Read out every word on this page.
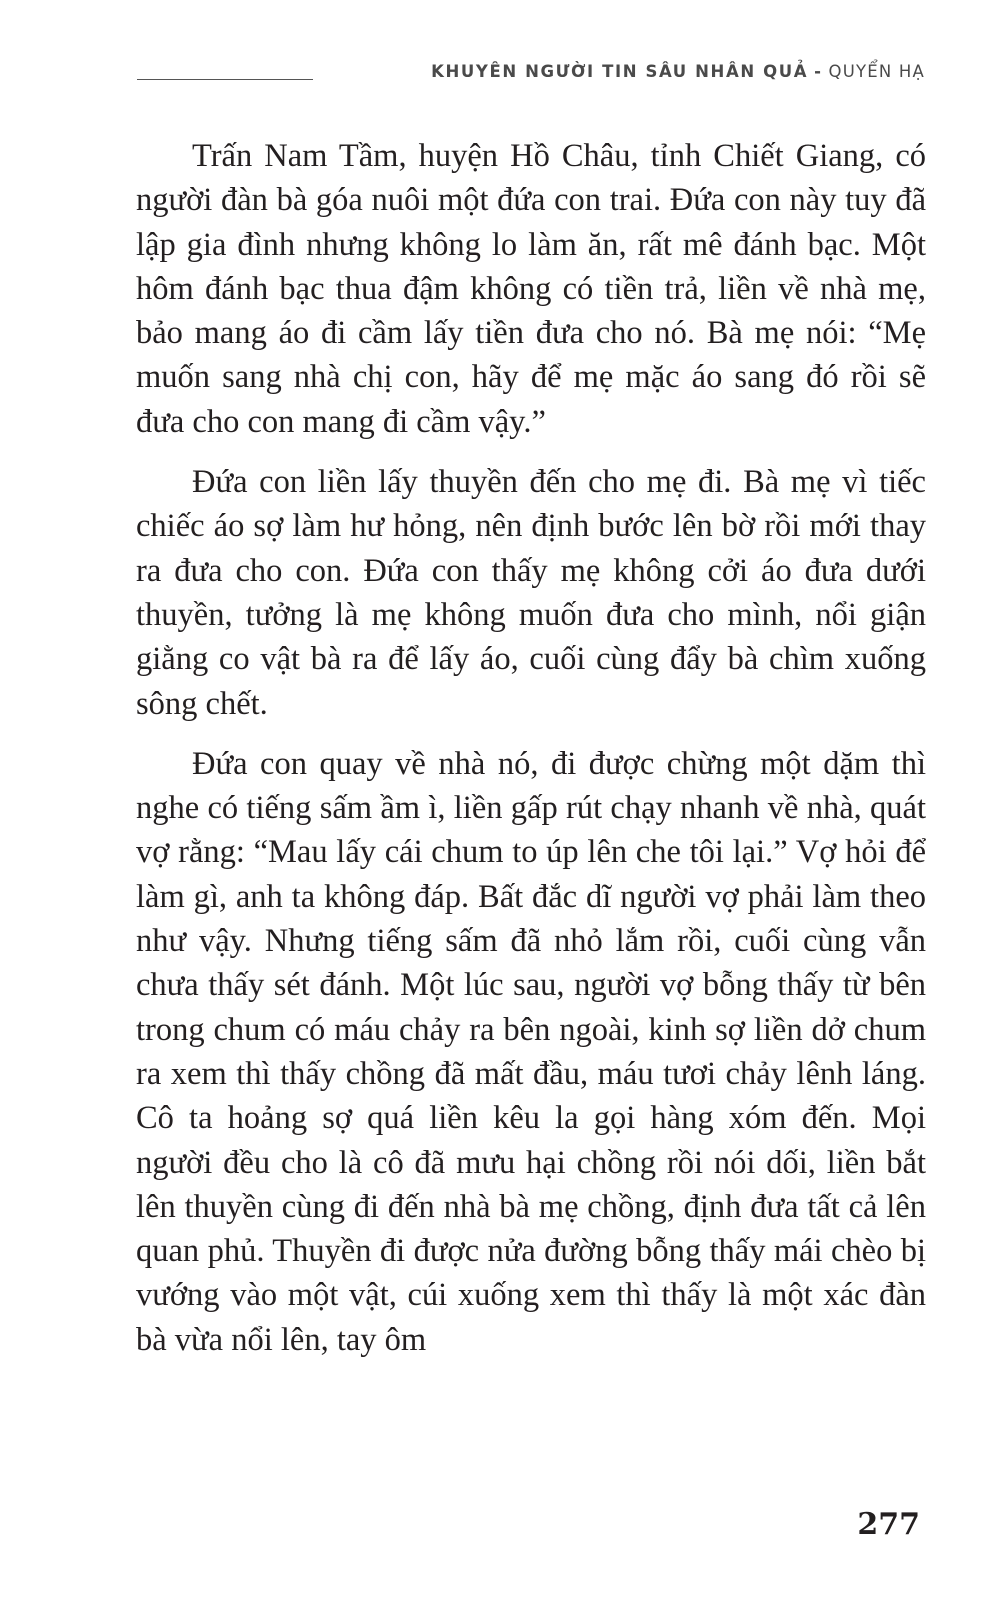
KHUYÊN NGƯỜI TIN SÂU NHÂN QUẢ - QUYỂN HẠ

Trấn Nam Tầm, huyện Hồ Châu, tỉnh Chiết Giang, có người đàn bà góa nuôi một đứa con trai. Đứa con này tuy đã lập gia đình nhưng không lo làm ăn, rất mê đánh bạc. Một hôm đánh bạc thua đậm không có tiền trả, liền về nhà mẹ, bảo mang áo đi cầm lấy tiền đưa cho nó. Bà mẹ nói: “Mẹ muốn sang nhà chị con, hãy để mẹ mặc áo sang đó rồi sẽ đưa cho con mang đi cầm vậy.”

Đứa con liền lấy thuyền đến cho mẹ đi. Bà mẹ vì tiếc chiếc áo sợ làm hư hỏng, nên định bước lên bờ rồi mới thay ra đưa cho con. Đứa con thấy mẹ không cởi áo đưa dưới thuyền, tưởng là mẹ không muốn đưa cho mình, nổi giận giằng co vật bà ra để lấy áo, cuối cùng đẩy bà chìm xuống sông chết.

Đứa con quay về nhà nó, đi được chừng một dặm thì nghe có tiếng sấm ầm ì, liền gấp rút chạy nhanh về nhà, quát vợ rằng: “Mau lấy cái chum to úp lên che tôi lại.” Vợ hỏi để làm gì, anh ta không đáp. Bất đắc dĩ người vợ phải làm theo như vậy. Nhưng tiếng sấm đã nhỏ lắm rồi, cuối cùng vẫn chưa thấy sét đánh. Một lúc sau, người vợ bỗng thấy từ bên trong chum có máu chảy ra bên ngoài, kinh sợ liền dở chum ra xem thì thấy chồng đã mất đầu, máu tươi chảy lênh láng. Cô ta hoảng sợ quá liền kêu la gọi hàng xóm đến. Mọi người đều cho là cô đã mưu hại chồng rồi nói dối, liền bắt lên thuyền cùng đi đến nhà bà mẹ chồng, định đưa tất cả lên quan phủ. Thuyền đi được nửa đường bỗng thấy mái chèo bị vướng vào một vật, cúi xuống xem thì thấy là một xác đàn bà vừa nổi lên, tay ôm

277
